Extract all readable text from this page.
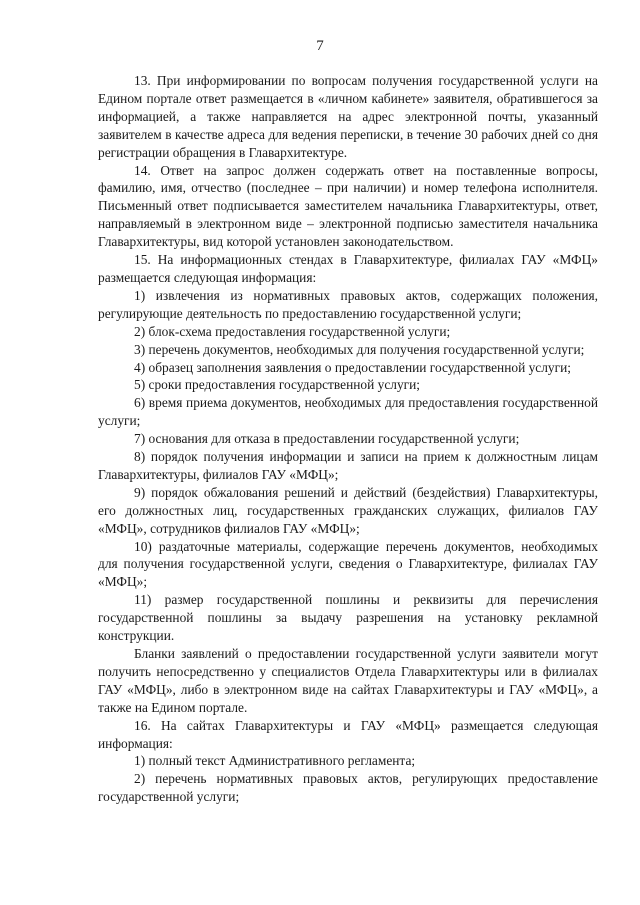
7

13. При информировании по вопросам получения государственной услуги на Едином портале ответ размещается в «личном кабинете» заявителя, обратившегося за информацией, а также направляется на адрес электронной почты, указанный заявителем в качестве адреса для ведения переписки, в течение 30 рабочих дней со дня регистрации обращения в Главархитектуре.

14. Ответ на запрос должен содержать ответ на поставленные вопросы, фамилию, имя, отчество (последнее – при наличии) и номер телефона исполнителя. Письменный ответ подписывается заместителем начальника Главархитектуры, ответ, направляемый в электронном виде – электронной подписью заместителя начальника Главархитектуры, вид которой установлен законодательством.

15. На информационных стендах в Главархитектуре, филиалах ГАУ «МФЦ» размещается следующая информация:

1) извлечения из нормативных правовых актов, содержащих положения, регулирующие деятельность по предоставлению государственной услуги;

2) блок-схема предоставления государственной услуги;

3) перечень документов, необходимых для получения государственной услуги;

4) образец заполнения заявления о предоставлении государственной услуги;

5) сроки предоставления государственной услуги;

6) время приема документов, необходимых для предоставления государственной услуги;

7) основания для отказа в предоставлении государственной услуги;

8) порядок получения информации и записи на прием к должностным лицам Главархитектуры, филиалов ГАУ «МФЦ»;

9) порядок обжалования решений и действий (бездействия) Главархитектуры, его должностных лиц, государственных гражданских служащих, филиалов ГАУ «МФЦ», сотрудников филиалов ГАУ «МФЦ»;

10) раздаточные материалы, содержащие перечень документов, необходимых для получения государственной услуги, сведения о Главархитектуре, филиалах ГАУ «МФЦ»;

11) размер государственной пошлины и реквизиты для перечисления государственной пошлины за выдачу разрешения на установку рекламной конструкции.

Бланки заявлений о предоставлении государственной услуги заявители могут получить непосредственно у специалистов Отдела Главархитектуры или в филиалах ГАУ «МФЦ», либо в электронном виде на сайтах Главархитектуры и ГАУ «МФЦ», а также на Едином портале.

16. На сайтах Главархитектуры и ГАУ «МФЦ» размещается следующая информация:

1) полный текст Административного регламента;

2) перечень нормативных правовых актов, регулирующих предоставление государственной услуги;
